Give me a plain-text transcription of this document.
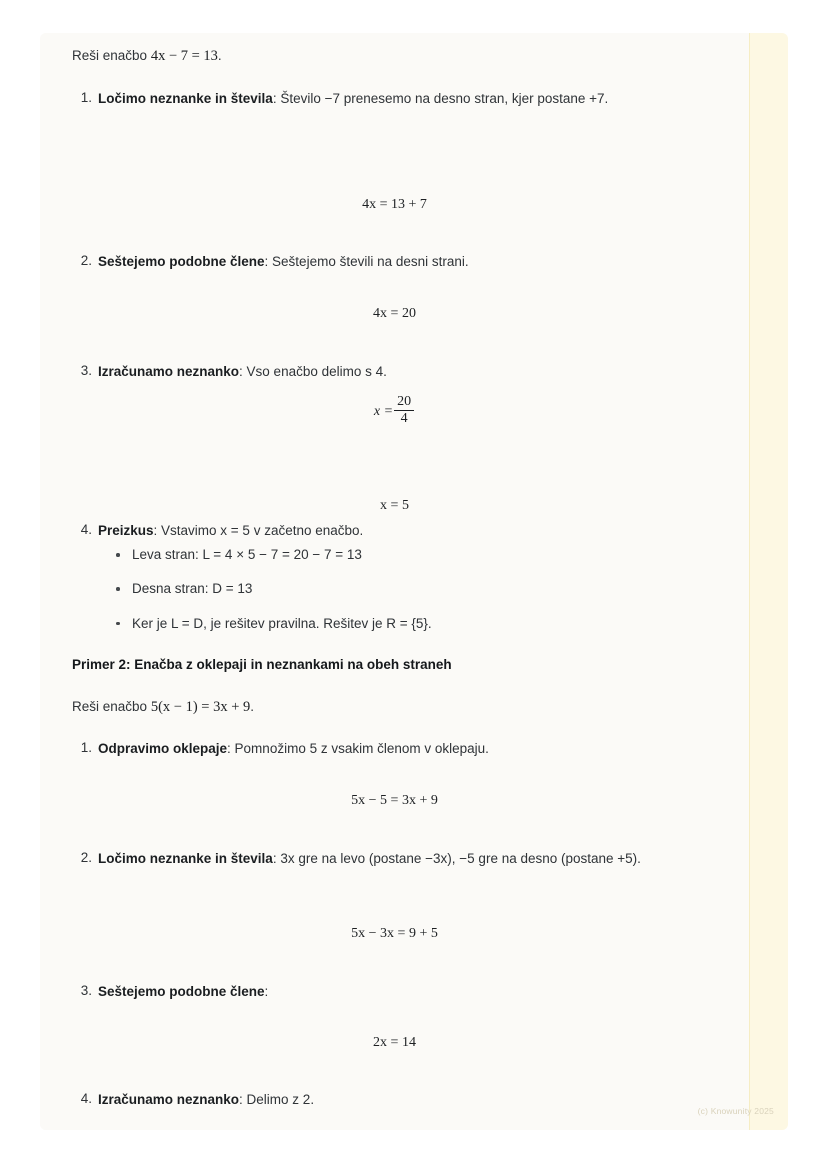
Reši enačbo 4x − 7 = 13.
1. Ločimo neznanke in števila: Število −7 prenesemo na desno stran, kjer postane +7.
4x = 13 + 7
2. Seštejemo podobne člene: Seštejemo števili na desni strani.
4x = 20
3. Izračunamo neznanko: Vso enačbo delimo s 4.
$x = \frac{20}{4}$
x = 5
4. Preizkus: Vstavimo x = 5 v začetno enačbo.
Leva stran: L = 4 × 5 − 7 = 20 − 7 = 13
Desna stran: D = 13
Ker je L = D, je rešitev pravilna. Rešitev je R = {5}.
Primer 2: Enačba z oklepaji in neznankami na obeh straneh
Reši enačbo 5(x − 1) = 3x + 9.
1. Odpravimo oklepaje: Pomnožimo 5 z vsakim členom v oklepaju.
5x − 5 = 3x + 9
2. Ločimo neznanke in števila: 3x gre na levo (postane −3x), −5 gre na desno (postane +5).
5x − 3x = 9 + 5
3. Seštejemo podobne člene:
2x = 14
4. Izračunamo neznanko: Delimo z 2.
(c) Knowunity 2025
